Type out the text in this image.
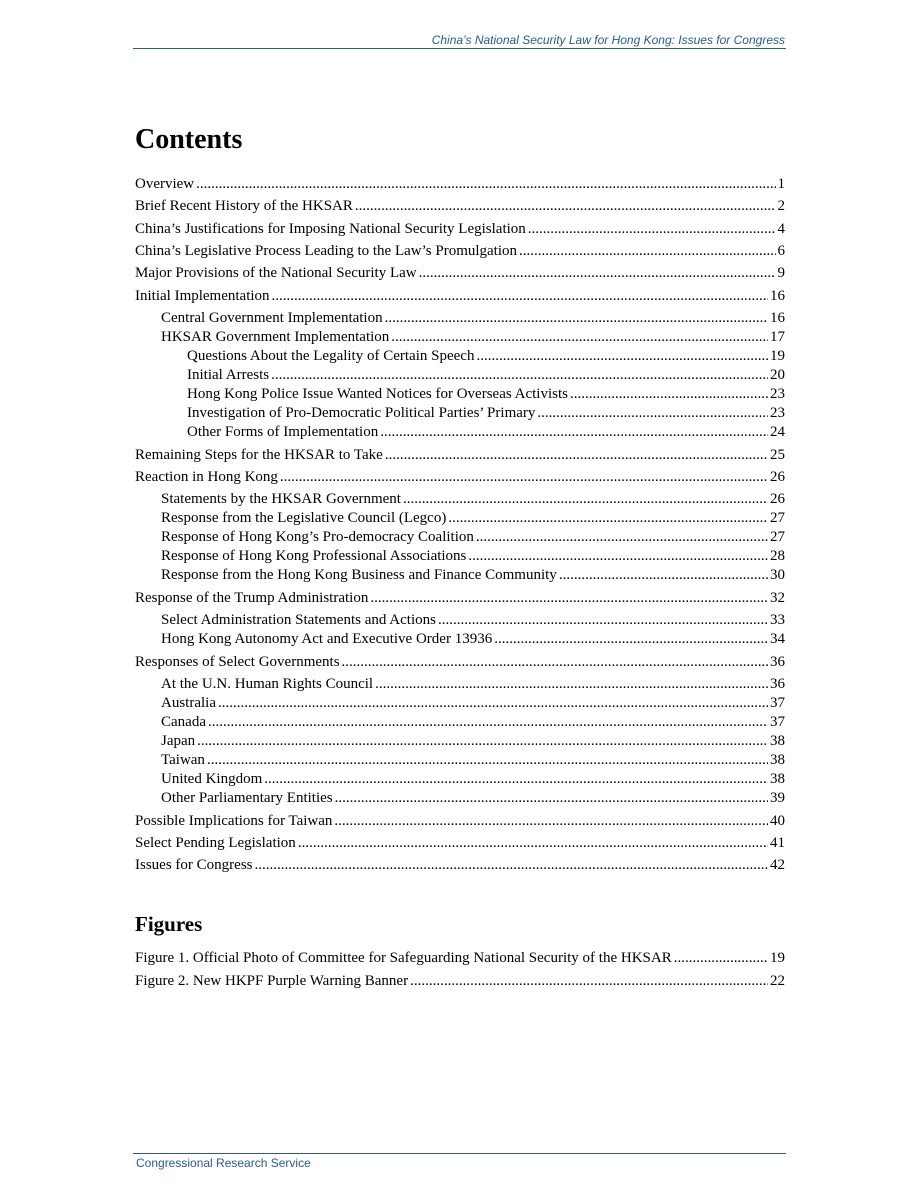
China’s National Security Law for Hong Kong: Issues for Congress
Contents
Overview .....	1
Brief Recent History of the HKSAR .....	2
China’s Justifications for Imposing National Security Legislation .....	4
China’s Legislative Process Leading to the Law’s Promulgation .....	6
Major Provisions of the National Security Law .....	9
Initial Implementation .....	16
Central Government Implementation .....	16
HKSAR Government Implementation .....	17
Questions About the Legality of Certain Speech .....	19
Initial Arrests .....	20
Hong Kong Police Issue Wanted Notices for Overseas Activists .....	23
Investigation of Pro-Democratic Political Parties’ Primary .....	23
Other Forms of Implementation .....	24
Remaining Steps for the HKSAR to Take .....	25
Reaction in Hong Kong .....	26
Statements by the HKSAR Government .....	26
Response from the Legislative Council (Legco) .....	27
Response of Hong Kong’s Pro-democracy Coalition .....	27
Response of Hong Kong Professional Associations .....	28
Response from the Hong Kong Business and Finance Community .....	30
Response of the Trump Administration .....	32
Select Administration Statements and Actions .....	33
Hong Kong Autonomy Act and Executive Order 13936 .....	34
Responses of Select Governments .....	36
At the U.N. Human Rights Council .....	36
Australia .....	37
Canada .....	37
Japan .....	38
Taiwan .....	38
United Kingdom .....	38
Other Parliamentary Entities .....	39
Possible Implications for Taiwan .....	40
Select Pending Legislation .....	41
Issues for Congress .....	42
Figures
Figure 1. Official Photo of Committee for Safeguarding National Security of the HKSAR .....	19
Figure 2. New HKPF Purple Warning Banner .....	22
Congressional Research Service
